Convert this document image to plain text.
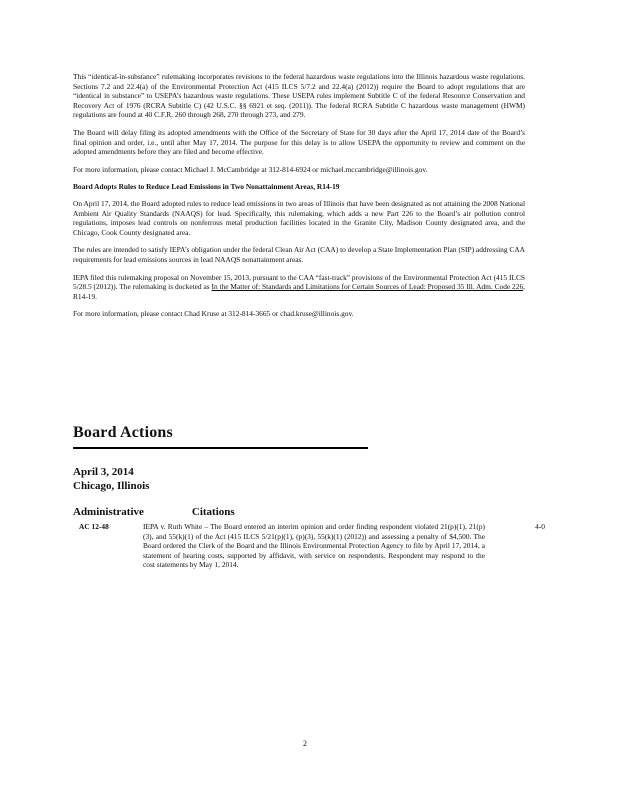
This “identical-in-substance” rulemaking incorporates revisions to the federal hazardous waste regulations into the Illinois hazardous waste regulations. Sections 7.2 and 22.4(a) of the Environmental Protection Act (415 ILCS 5/7.2 and 22.4(a) (2012)) require the Board to adopt regulations that are “identical in substance” to USEPA’s hazardous waste regulations. These USEPA rules implement Subtitle C of the federal Resource Conservation and Recovery Act of 1976 (RCRA Subtitle C) (42 U.S.C. §§ 6921 et seq. (2011)). The federal RCRA Subtitle C hazardous waste management (HWM) regulations are found at 40 C.F.R. 260 through 268, 270 through 273, and 279.

The Board will delay filing its adopted amendments with the Office of the Secretary of State for 30 days after the April 17, 2014 date of the Board’s final opinion and order, i.e., until after May 17, 2014. The purpose for this delay is to allow USEPA the opportunity to review and comment on the adopted amendments before they are filed and become effective.

For more information, please contact Michael J. McCambridge at 312-814-6924 or michael.mccambridge@illinois.gov.

Board Adopts Rules to Reduce Lead Emissions in Two Nonattainment Areas, R14-19

On April 17, 2014, the Board adopted rules to reduce lead emissions in two areas of Illinois that have been designated as not attaining the 2008 National Ambient Air Quality Standards (NAAQS) for lead. Specifically, this rulemaking, which adds a new Part 226 to the Board’s air pollution control regulations, imposes lead controls on nonferrous metal production facilities located in the Granite City, Madison County designated area, and the Chicago, Cook County designated area.

The rules are intended to satisfy IEPA’s obligation under the federal Clean Air Act (CAA) to develop a State Implementation Plan (SIP) addressing CAA requirements for lead emissions sources in lead NAAQS nonattainment areas.

IEPA filed this rulemaking proposal on November 15, 2013, pursuant to the CAA “fast-track” provisions of the Environmental Protection Act (415 ILCS 5/28.5 (2012)). The rulemaking is docketed as In the Matter of: Standards and Limitations for Certain Sources of Lead: Proposed 35 Ill. Adm. Code 226, R14-19.

For more information, please contact Chad Kruse at 312-814-3665 or chad.kruse@illinois.gov.

Board Actions
April 3, 2014
Chicago, Illinois
Administrative	Citations
AC 12-48	IEPA v. Ruth White – The Board entered an interim opinion and order finding respondent violated 21(p)(1), 21(p)(3), and 55(k)(1) of the Act (415 ILCS 5/21(p)(1), (p)(3), 55(k)(1) (2012)) and assessing a penalty of $4,500. The Board ordered the Clerk of the Board and the Illinois Environmental Protection Agency to file by April 17, 2014, a statement of hearing costs, supported by affidavit, with service on respondents. Respondent may respond to the cost statements by May 1, 2014.
4-0
2
